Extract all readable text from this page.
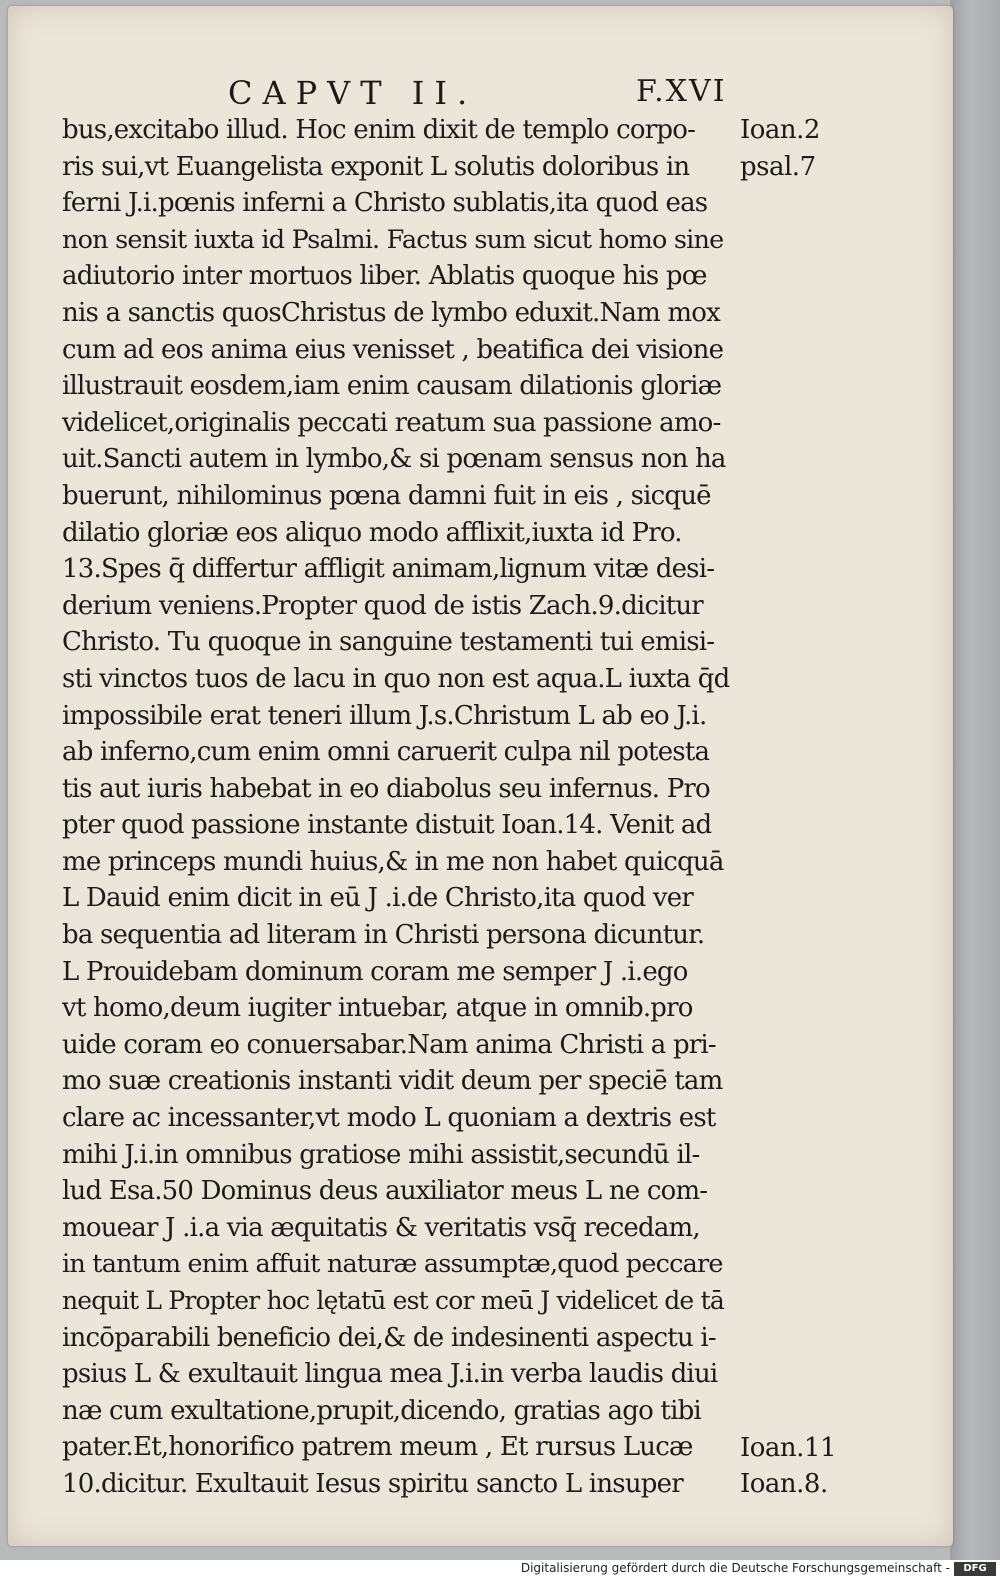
CAPVT II.	F.XVI
bus,excitabo illud. Hoc enim dixit de templo corpo-
ris sui,vt Euangelista exponit L solutis doloribus in
ferni J.i.pœnis inferni a Christo sublatis,ita quod eas
non sensit iuxta id Psalmi. Factus sum sicut homo sine
adiutorio inter mortuos liber. Ablatis quoque his pœ
nis a sanctis quosChristus de lymbo eduxit.Nam mox
cum ad eos anima eius venisset , beatifica dei visione
illustrauit eosdem,iam enim causam dilationis gloriæ
videlicet,originalis peccati reatum sua passione amo-
uit.Sancti autem in lymbo,& si pœnam sensus non ha
buerunt, nihilominus pœna damni fuit in eis , sicquē
dilatio gloriæ eos aliquo modo afflixit,iuxta id Pro.
13.Spes q̄ differtur affligit animam,lignum vitæ desi-
derium veniens.Propter quod de istis Zach.9.dicitur
Christo. Tu quoque in sanguine testamenti tui emisi-
sti vinctos tuos de lacu in quo non est aqua.L iuxta q̄d
impossibile erat teneri illum J.s.Christum L ab eo J.i.
ab inferno,cum enim omni caruerit culpa nil potesta
tis aut iuris habebat in eo diabolus seu infernus. Pro
pter quod passione instante distuit Ioan.14. Venit ad
me princeps mundi huius,& in me non habet quicquā
L Dauid enim dicit in eū J .i.de Christo,ita quod ver
ba sequentia ad literam in Christi persona dicuntur.
L Prouidebam dominum coram me semper J .i.ego
vt homo,deum iugiter intuebar, atque in omnib.pro
uide coram eo conuersabar.Nam anima Christi a pri-
mo suæ creationis instanti vidit deum per speciē tam
clare ac incessanter,vt modo L quoniam a dextris est
mihi J.i.in omnibus gratiose mihi assistit,secundū il-
lud Esa.50 Dominus deus auxiliator meus L ne com-
mouear J .i.a via æquitatis & veritatis vsq̄ recedam,
in tantum enim affuit naturæ assumptæ,quod peccare
nequit L Propter hoc lętatū est cor meū J videlicet de tā
incōparabili beneficio dei,& de indesinenti aspectu i-
psius L & exultauit lingua mea J.i.in verba laudis diui
næ cum exultatione,prupit,dicendo, gratias ago tibi
pater.Et,honorifico patrem meum , Et rursus Lucæ
10.dicitur. Exultauit Iesus spiritu sancto L insuper
Ioan.2
psal.7
Ioan.11
Ioan.8.
Digitalisierung gefördert durch die Deutsche Forschungsgemeinschaft -	DFG
